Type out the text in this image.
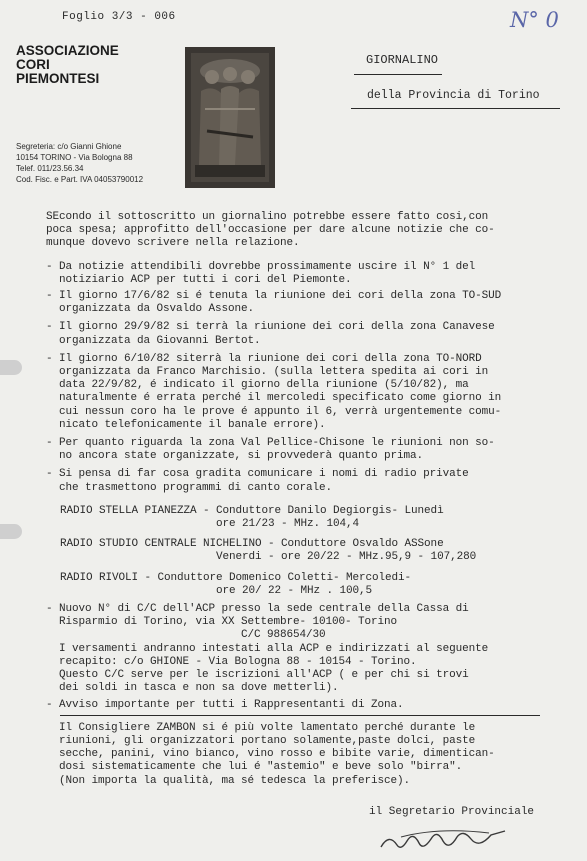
Foglio 3/3 - 006	N° 0
ASSOCIAZIONE
CORI
PIEMONTESI
Segreteria: c/o Gianni Ghione
10154 TORINO - Via Bologna 88
Telef. 011/23.56.34
Cod. Fisc. e Part. IVA 04053790012
GIORNALINO
della Provincia di Torino

SEcondo il sottoscritto un giornalino potrebbe essere fatto cosi,con
poca spesa; approfitto dell'occasione per dare alcune notizie che co-
munque dovevo scrivere nella relazione.

- Da notizie attendibili dovrebbe prossimamente uscire il N° 1 del
notiziario ACP per tutti i cori del Piemonte.

- Il giorno 17/6/82 si é tenuta la riunione dei cori della zona TO-SUD
organizzata da Osvaldo Assone.

- Il giorno 29/9/82 si terrà la riunione dei cori della zona Canavese
organizzata da Giovanni Bertot.

- Il giorno 6/10/82 siterrà la riunione dei cori della zona TO-NORD
organizzata da Franco Marchisio. (sulla lettera spedita ai cori in
data 22/9/82, é indicato il giorno della riunione (5/10/82), ma
naturalmente é errata perché il mercoledi specificato come giorno in
cui nessun coro ha le prove é appunto il 6, verrà urgentemente comu-
nicato telefonicamente il banale errore).

- Per quanto riguarda la zona Val Pellice-Chisone le riunioni non so-
no ancora state organizzate, si provvederà quanto prima.

- Si pensa di far cosa gradita comunicare i nomi di radio private
che trasmettono programmi di canto corale.

RADIO STELLA PIANEZZA - Conduttore Danilo Degiorgis- Lunedì
ore 21/23 - MHz. 104,4

RADIO STUDIO CENTRALE NICHELINO - Conduttore Osvaldo ASSone
Venerdi - ore 20/22 - MHz.95,9 - 107,280

RADIO RIVOLI - Conduttore Domenico Coletti- Mercoledi-
ore 20/ 22 - MHz . 100,5

- Nuovo N° di C/C dell'ACP presso la sede centrale della Cassa di
Risparmio di Torino, via XX Settembre- 10100- Torino
C/C 988654/30
I versamenti andranno intestati alla ACP e indirizzati al seguente
recapito: c/o GHIONE - Via Bologna 88 - 10154 - Torino.
Questo C/C serve per le iscrizioni all'ACP ( e per chi si trovi
dei soldi in tasca e non sa dove metterli).

- Avviso importante per tutti i Rappresentanti di Zona.

Il Consigliere ZAMBON si é più volte lamentato perché durante le
riunioni, gli organizzatori portano solamente,paste dolci, paste
secche, panini, vino bianco, vino rosso e bibite varie, dimentican-
dosi sistematicamente che lui é "astemio" e beve solo "birra".
(Non importa la qualità, ma sé tedesca la preferisce).

il Segretario Provinciale
